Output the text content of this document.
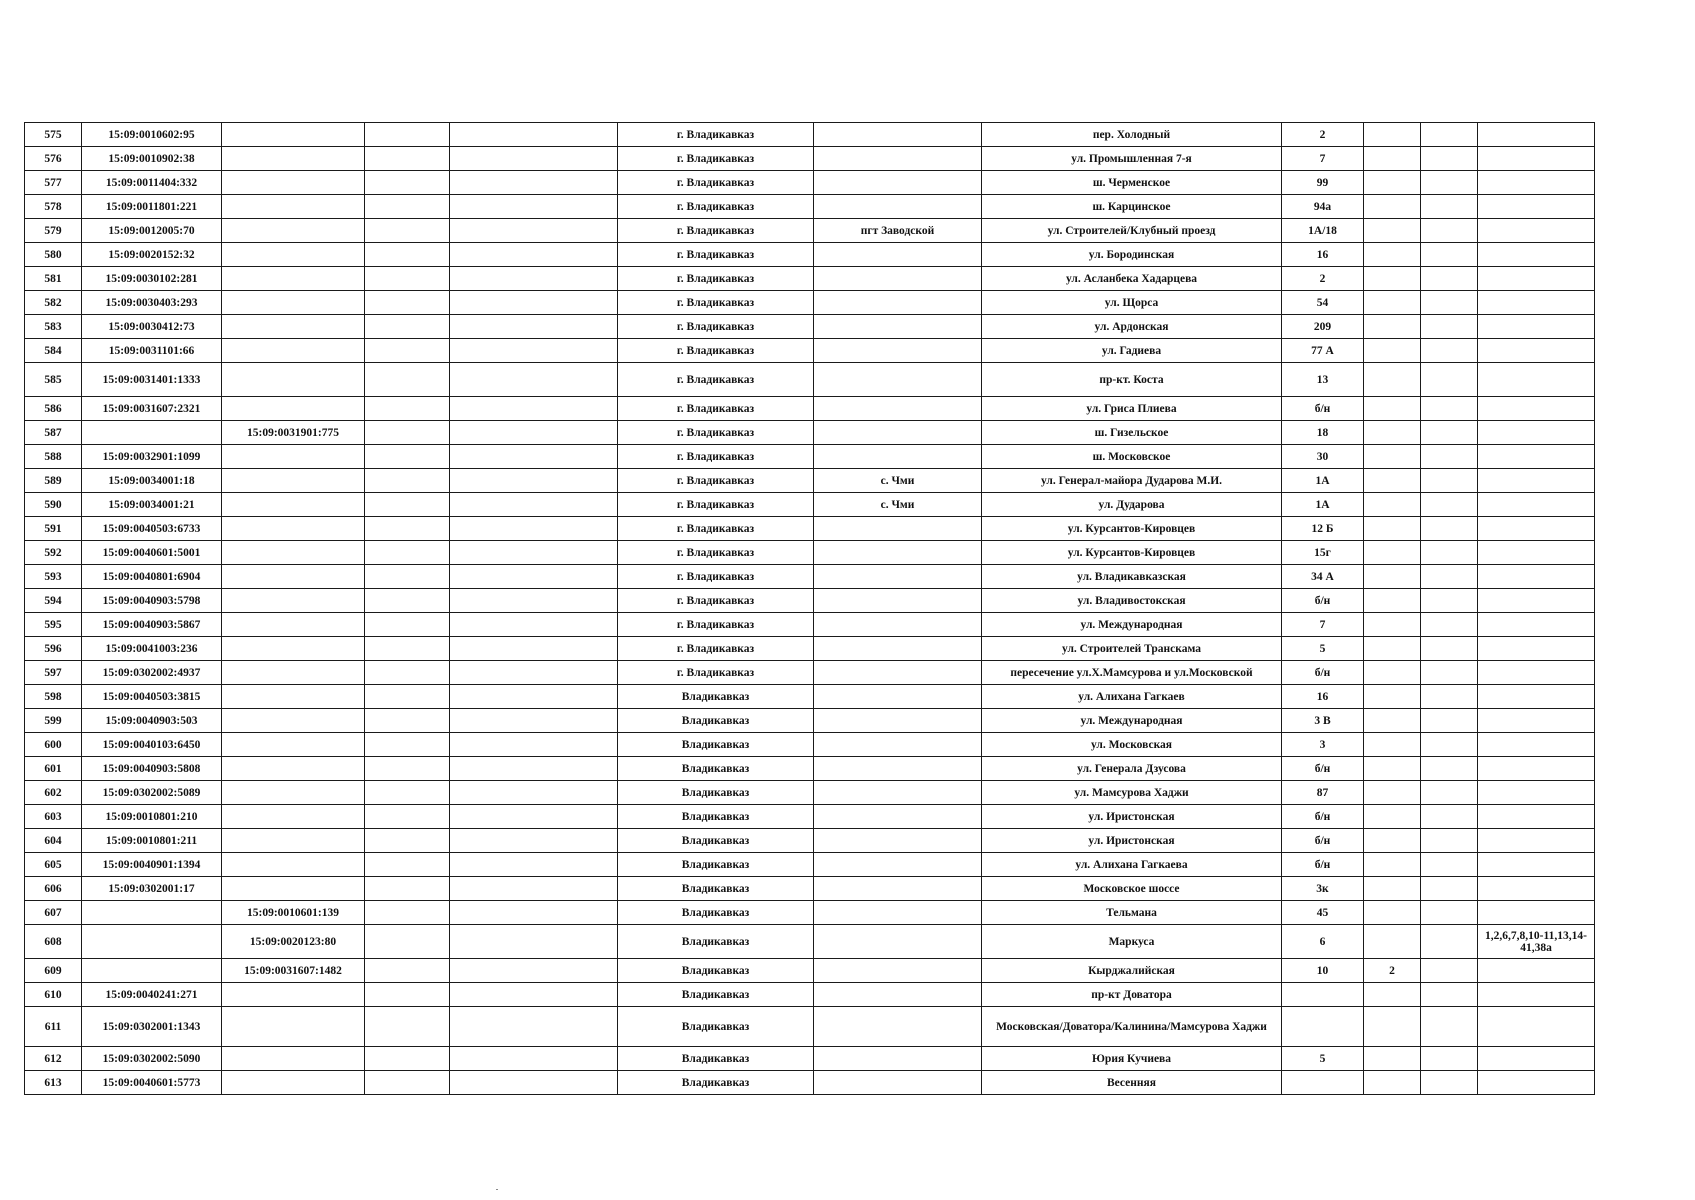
575	15:09:0010602:95				г. Владикавказ		пер. Холодный	2			
576	15:09:0010902:38				г. Владикавказ		ул. Промышленная 7-я	7			
577	15:09:0011404:332				г. Владикавказ		ш. Черменское	99			
578	15:09:0011801:221				г. Владикавказ		ш. Карцинское	94а			
579	15:09:0012005:70				г. Владикавказ	пгт Заводской	ул. Строителей/Клубный проезд	1А/18			
580	15:09:0020152:32				г. Владикавказ		ул. Бородинская	16			
581	15:09:0030102:281				г. Владикавказ		ул. Асланбека Хадарцева	2			
582	15:09:0030403:293				г. Владикавказ		ул. Щорса	54			
583	15:09:0030412:73				г. Владикавказ		ул. Ардонская	209			
584	15:09:0031101:66				г. Владикавказ		ул. Гадиева	77 А			
585	15:09:0031401:1333				г. Владикавказ		пр-кт. Коста	13			
586	15:09:0031607:2321				г. Владикавказ		ул. Гриса Плиева	б/н			
587		15:09:0031901:775			г. Владикавказ		ш. Гизельское	18			
588	15:09:0032901:1099				г. Владикавказ		ш. Московское	30			
589	15:09:0034001:18				г. Владикавказ	с. Чми	ул. Генерал-майора Дударова М.И.	1А			
590	15:09:0034001:21				г. Владикавказ	с. Чми	ул. Дударова	1А			
591	15:09:0040503:6733				г. Владикавказ		ул. Курсантов-Кировцев	12 Б			
592	15:09:0040601:5001				г. Владикавказ		ул. Курсантов-Кировцев	15г			
593	15:09:0040801:6904				г. Владикавказ		ул. Владикавказская	34 А			
594	15:09:0040903:5798				г. Владикавказ		ул. Владивостокская	б/н			
595	15:09:0040903:5867				г. Владикавказ		ул. Международная	7			
596	15:09:0041003:236				г. Владикавказ		ул. Строителей Транскама	5			
597	15:09:0302002:4937				г. Владикавказ		пересечение ул.Х.Мамсурова и ул.Московской	б/н			
598	15:09:0040503:3815				Владикавказ		ул. Алихана Гагкаев	16			
599	15:09:0040903:503				Владикавказ		ул. Международная	3 В			
600	15:09:0040103:6450				Владикавказ		ул. Московская	3			
601	15:09:0040903:5808				Владикавказ		ул. Генерала Дзусова	б/н			
602	15:09:0302002:5089				Владикавказ		ул. Мамсурова Хаджи	87			
603	15:09:0010801:210				Владикавказ		ул. Иристонская	б/н			
604	15:09:0010801:211				Владикавказ		ул. Иристонская	б/н			
605	15:09:0040901:1394				Владикавказ		ул. Алихана Гагкаева	б/н			
606	15:09:0302001:17				Владикавказ		Московское шоссе	3к			
607		15:09:0010601:139			Владикавказ		Тельмана	45			
608		15:09:0020123:80			Владикавказ		Маркуса	6			1,2,6,7,8,10-11,13,14-41,38а
609		15:09:0031607:1482			Владикавказ		Кырджалийская	10	2		
610	15:09:0040241:271				Владикавказ		пр-кт Доватора				
611	15:09:0302001:1343				Владикавказ		Московская/Доватора/Калинина/Мамсурова Хаджи				
612	15:09:0302002:5090				Владикавказ		Юрия Кучиева	5			
613	15:09:0040601:5773				Владикавказ		Весенняя				
